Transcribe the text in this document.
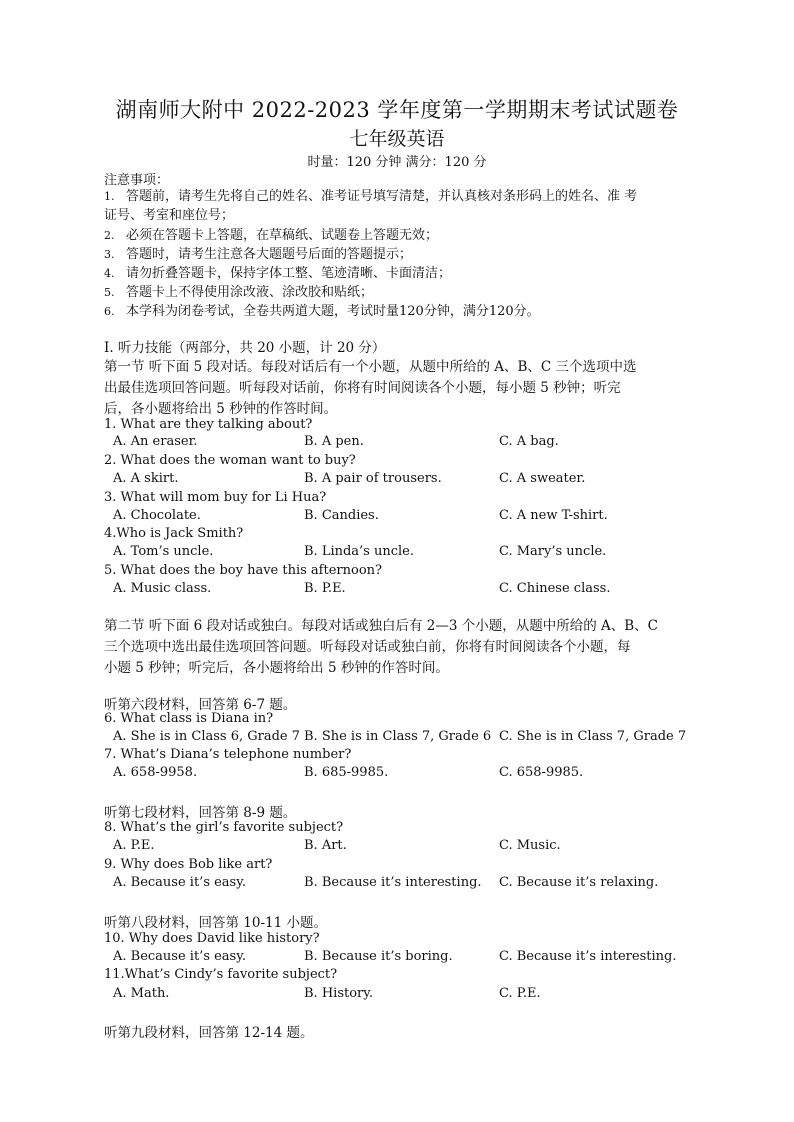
湖南师大附中 2022-2023 学年度第一学期期末考试试题卷
七年级英语
时量：120 分钟 满分：120 分
注意事项：
1. 答题前，请考生先将自己的姓名、准考证号填写清楚，并认真核对条形码上的姓名、准 考
证号、考室和座位号；
2. 必须在答题卡上答题，在草稿纸、试题卷上答题无效；
3. 答题时，请考生注意各大题题号后面的答题提示；
4. 请勿折叠答题卡，保持字体工整、笔迹清晰、卡面清洁；
5. 答题卡上不得使用涂改液、涂改胶和贴纸；
6. 本学科为闭卷考试，全卷共两道大题，考试时量120分钟，满分120分。
Ⅰ. 听力技能（两部分，共 20 小题，计 20 分）
第一节 听下面 5 段对话。每段对话后有一个小题，从题中所给的 A、B、C 三个选项中选
出最佳选项回答问题。听每段对话前，你将有时间阅读各个小题，每小题 5 秒钟；听完
后，各小题将给出 5 秒钟的作答时间。
1. What are they talking about?
A. An eraser.	B. A pen.	C. A bag.
2. What does the woman want to buy?
A. A skirt.	B. A pair of trousers.	C. A sweater.
3. What will mom buy for Li Hua?
A. Chocolate.	B. Candies.	C. A new T-shirt.
4.Who is Jack Smith?
A. Tom’s uncle.	B. Linda’s uncle.	C. Mary’s uncle.
5. What does the boy have this afternoon?
A. Music class.	B. P.E.	C. Chinese class.
第二节 听下面 6 段对话或独白。每段对话或独白后有 2—3 个小题，从题中所给的 A、B、C
三个选项中选出最佳选项回答问题。听每段对话或独白前，你将有时间阅读各个小题，每
小题 5 秒钟；听完后，各小题将给出 5 秒钟的作答时间。
听第六段材料，回答第 6-7 题。
6. What class is Diana in?
A. She is in Class 6, Grade 7 B. She is in Class 7, Grade 6 C. She is in Class 7, Grade 7
7. What’s Diana’s telephone number?
A. 658-9958.	B. 685-9985.	C. 658-9985.
听第七段材料，回答第 8-9 题。
8. What’s the girl’s favorite subject?
A. P.E.	B. Art.	C. Music.
9. Why does Bob like art?
A. Because it’s easy.	B. Because it’s interesting. C. Because it’s relaxing.
听第八段材料，回答第 10-11 小题。
10. Why does David like history?
A. Because it’s easy.	B. Because it’s boring.	C. Because it’s interesting.
11.What’s Cindy’s favorite subject?
A. Math.	B. History.	C. P.E.
听第九段材料，回答第 12-14 题。
